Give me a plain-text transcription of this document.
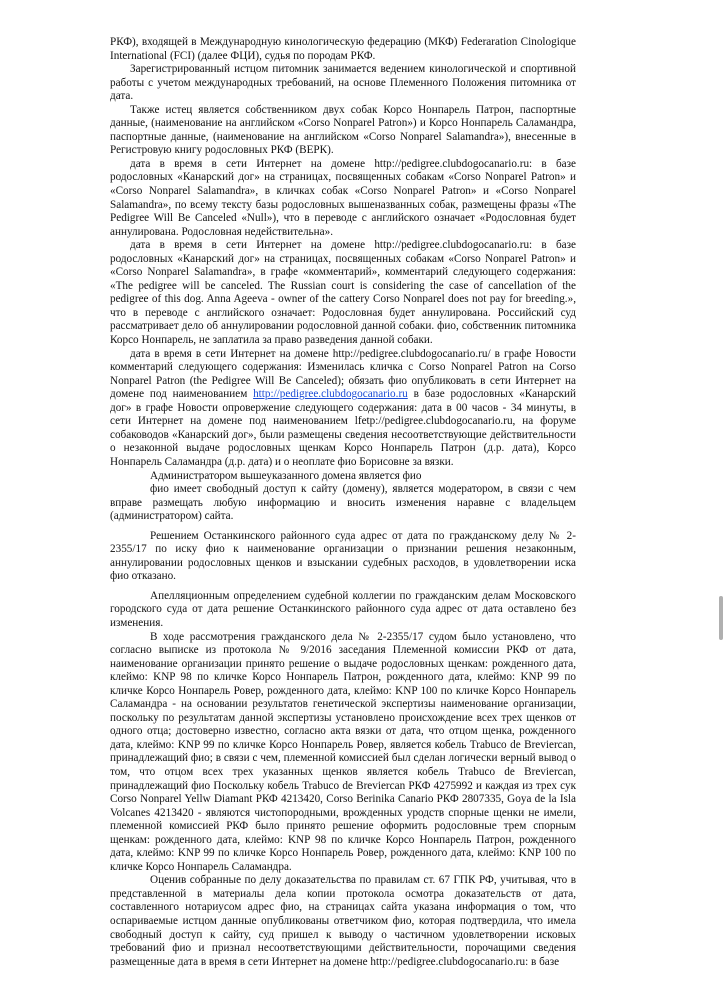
РКФ), входящей в Международную кинологическую федерацию (МКФ) Federaration Cinologique International (FCI) (далее ФЦИ), судья по породам РКФ.

Зарегистрированный истцом питомник занимается ведением кинологической и спортивной работы с учетом международных требований, на основе Племенного Положения питомника от дата.

Также истец является собственником двух собак Корсо Нонпарель Патрон, паспортные данные, (наименование на английском «Corso Nonparel Patron») и Корсо Нонпарель Саламандра, паспортные данные, (наименование на английском «Corso Nonparel Salamandra»), внесенные в Регистровую книгу родословных РКФ (ВЕРК).

дата в время в сети Интернет на домене http://pedigree.clubdogocanario.ru: в базе родословных «Канарский дог» на страницах, посвященных собакам «Corso Nonparel Patron» и «Corso Nonparel Salamandra», в кличках собак «Corso Nonparel Patron» и «Corso Nonparel Salamandra», по всему тексту базы родословных вышеназванных собак, размещены фразы «The Pedigree Will Be Canceled «Null»), что в переводе с английского означает «Родословная будет аннулирована. Родословная недействительна».

дата в время в сети Интернет на домене http://pedigree.clubdogocanario.ru: в базе родословных «Канарский дог» на страницах, посвященных собакам «Corso Nonparel Patron» и «Corso Nonparel Salamandra», в графе «комментарий», комментарий следующего содержания: «The pedigree will be canceled. The Russian court is considering the case of cancellation of the pedigree of this dog. Anna Ageeva - owner of the cattery Corso Nonparel does not pay for breeding.», что в переводе с английского означает: Родословная будет аннулирована. Российский суд рассматривает дело об аннулировании родословной данной собаки. фио, собственник питомника Корсо Нонпарель, не заплатила за право разведения данной собаки.

дата в время в сети Интернет на домене http://pedigree.clubdogocanario.ru/ в графе Новости комментарий следующего содержания: Изменилась кличка с Corso Nonparel Patron на Corso Nonparel Patron (the Pedigree Will Be Canceled); обязать фио опубликовать в сети Интернет на домене под наименованием http://pedigree.clubdogocanario.ru в базе родословных «Канарский дог» в графе Новости опровержение следующего содержания: дата в 00 часов - 34 минуты, в сети Интернет на домене под наименованием lfetp://pedigree.clubdogocanario.ru, на форуме собаководов «Канарский дог», были размещены сведения несоответствующие действительности о незаконной выдаче родословных щенкам Корсо Нонпарель Патрон (д.р. дата), Корсо Нонпарель Саламандра (д.р. дата) и о неоплате фио Борисовне за вязки.

Администратором вышеуказанного домена является фио

фио имеет свободный доступ к сайту (домену), является модератором, в связи с чем вправе размещать любую информацию и вносить изменения наравне с владельцем (администратором) сайта.

Решением Останкинского районного суда адрес от дата по гражданскому делу № 2-2355/17 по иску фио к наименование организации о признании решения незаконным, аннулировании родословных щенков и взыскании судебных расходов, в удовлетворении иска фио отказано.

Апелляционным определением судебной коллегии по гражданским делам Московского городского суда от дата решение Останкинского районного суда адрес от дата оставлено без изменения.

В ходе рассмотрения гражданского дела № 2-2355/17 судом было установлено, что согласно выписке из протокола № 9/2016 заседания Племенной комиссии РКФ от дата, наименование организации принято решение о выдаче родословных щенкам: рожденного дата, клеймо: KNP 98 по кличке Корсо Нонпарель Патрон, рожденного дата, клеймо: KNP 99 по кличке Корсо Нонпарель Ровер, рожденного дата, клеймо: KNP 100 по кличке Корсо Нонпарель Саламандра - на основании результатов генетической экспертизы наименование организации, поскольку по результатам данной экспертизы установлено происхождение всех трех щенков от одного отца; достоверно известно, согласно акта вязки от дата, что отцом щенка, рожденного дата, клеймо: KNP 99 по кличке Корсо Нонпарель Ровер, является кобель Trabuco de Breviercan, принадлежащий фио; в связи с чем, племенной комиссией был сделан логически верный вывод о том, что отцом всех трех указанных щенков является кобель Trabuco de Breviercan, принадлежащий фио Поскольку кобель Trabuco de Breviercan РКФ 4275992 и каждая из трех сук Corso Nonparel Yellw Diamant РКФ 4213420, Corso Berinika Canario РКФ 2807335, Goya de la Isla Volcanes 4213420 - являются чистопородными, врожденных уродств спорные щенки не имели, племенной комиссией РКФ было принято решение оформить родословные трем спорным щенкам: рожденного дата, клеймо: KNP 98 по кличке Корсо Нонпарель Патрон, рожденного дата, клеймо: KNP 99 по кличке Корсо Нонпарель Ровер, рожденного дата, клеймо: KNP 100 по кличке Корсо Нонпарель Саламандра.

Оценив собранные по делу доказательства по правилам ст. 67 ГПК РФ, учитывая, что в представленной в материалы дела копии протокола осмотра доказательств от дата, составленного нотариусом адрес фио, на страницах сайта указана информация о том, что оспариваемые истцом данные опубликованы ответчиком фио, которая подтвердила, что имела свободный доступ к сайту, суд пришел к выводу о частичном удовлетворении исковых требований фио и признал несоответствующими действительности, порочащими сведения размещенные дата в время в сети Интернет на домене http://pedigree.clubdogocanario.ru: в базе
